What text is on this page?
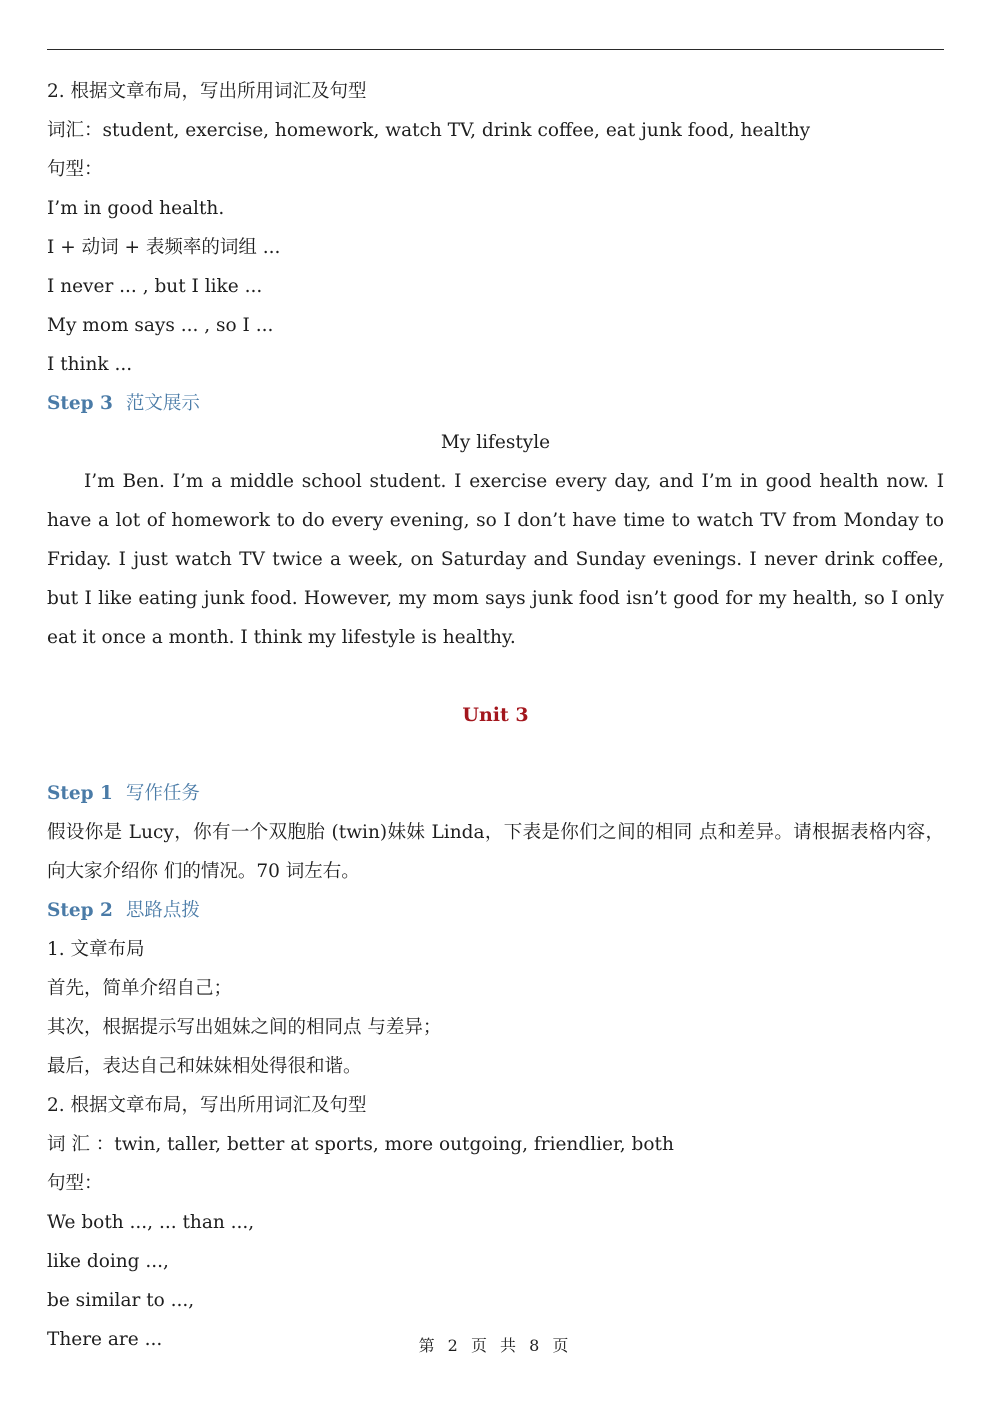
2. 根据文章布局，写出所用词汇及句型
词汇：student, exercise, homework, watch TV, drink coffee, eat junk food, healthy
句型：
I’m in good health.
I + 动词 + 表频率的词组 ...
I never ... , but I like ...
My mom says ... , so I ...
I think ...
Step 3 范文展示
My lifestyle

I’m Ben. I’m a middle school student. I exercise every day, and I’m in good health now. I have a lot of homework to do every evening, so I don’t have time to watch TV from Monday to Friday. I just watch TV twice a week, on Saturday and Sunday evenings. I never drink coffee, but I like eating junk food. However, my mom says junk food isn’t good for my health, so I only eat it once a month. I think my lifestyle is healthy.

Unit 3
Step 1 写作任务

假设你是 Lucy，你有一个双胞胎 (twin)妹妹 Linda，下表是你们之间的相同 点和差异。请根据表格内容，向大家介绍你 们的情况。70 词左右。

Step 2 思路点拨
1. 文章布局
首先，简单介绍自己；
其次，根据提示写出姐妹之间的相同点 与差异；
最后，表达自己和妹妹相处得很和谐。
2. 根据文章布局，写出所用词汇及句型
词 汇 ：twin, taller, better at sports, more outgoing, friendlier, both
句型：
We both ..., ... than ...,
like doing ...,
be similar to ...,
There are ...	第 2 页 共 8 页
